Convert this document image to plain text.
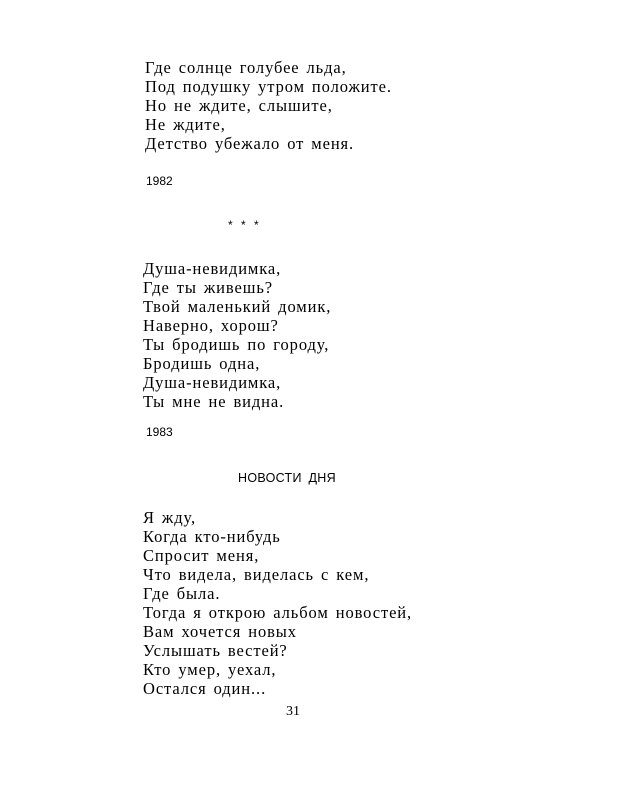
Где солнце голубее льда,
Под подушку утром положите.
Но не ждите, слышите,
Не ждите,
Детство убежало от меня.
1982
* * *
Душа-невидимка,
Где ты живешь?
Твой маленький домик,
Наверно, хорош?
Ты бродишь по городу,
Бродишь одна,
Душа-невидимка,
Ты мне не видна.
1983
НОВОСТИ ДНЯ
Я жду,
Когда кто-нибудь
Спросит меня,
Что видела, виделась с кем,
Где была.
Тогда я открою альбом новостей,
Вам хочется новых
Услышать вестей?
Кто умер, уехал,
Остался один...
31
